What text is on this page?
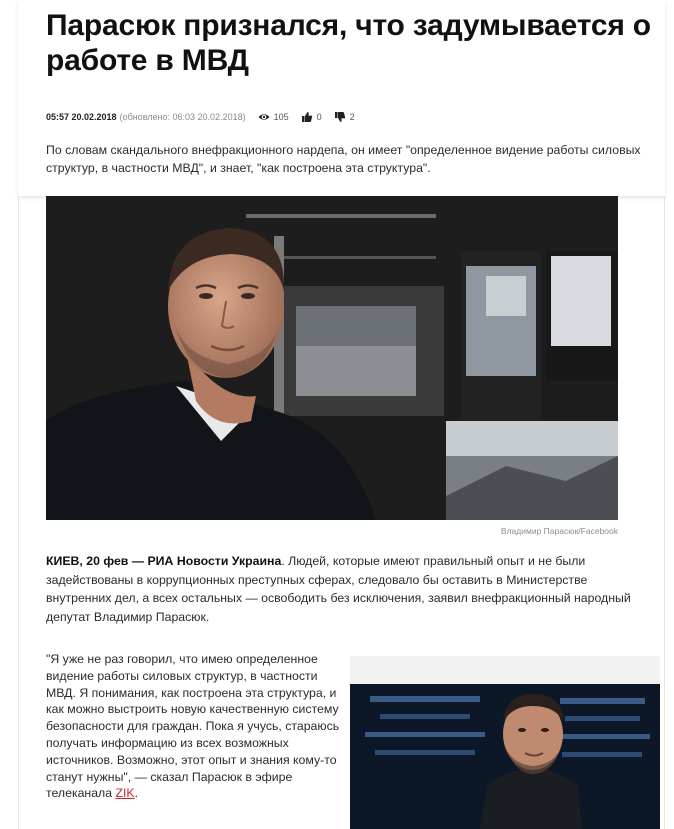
Парасюк признался, что задумывается о работе в МВД
05:57 20.02.2018 (обновлено: 06:03 20.02.2018)	105	0	2

По словам скандального внефракционного нардепа, он имеет "определенное видение работы силовых структур, в частности МВД", и знает, "как построена эта структура".

Владимир Парасюк/Facebook

КИЕВ, 20 фев — РИА Новости Украина. Людей, которые имеют правильный опыт и не были задействованы в коррупционных преступных сферах, следовало бы оставить в Министерстве внутренних дел, а всех остальных — освободить без исключения, заявил внефракционный народный депутат Владимир Парасюк.

"Я уже не раз говорил, что имею определенное видение работы силовых структур, в частности МВД. Я понимания, как построена эта структура, и как можно выстроить новую качественную систему безопасности для граждан. Пока я учусь, стараюсь получать информацию из всех возможных источников. Возможно, этот опыт и знания кому-то станут нужны", — сказал Парасюк в эфире телеканала ZIK.
